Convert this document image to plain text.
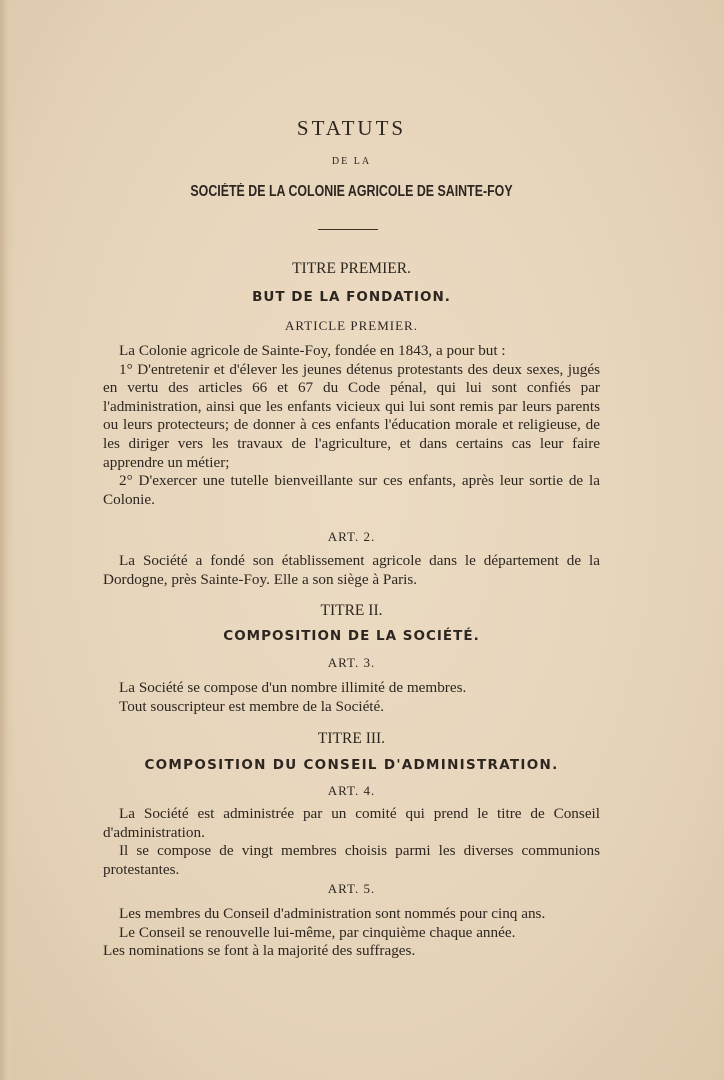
STATUTS
DE LA
SOCIÉTÉ DE LA COLONIE AGRICOLE DE SAINTE-FOY
TITRE PREMIER.
BUT DE LA FONDATION.
ARTICLE PREMIER.

La Colonie agricole de Sainte-Foy, fondée en 1843, a pour but :

1° D'entretenir et d'élever les jeunes détenus protestants des deux sexes, jugés en vertu des articles 66 et 67 du Code pénal, qui lui sont confiés par l'administration, ainsi que les enfants vicieux qui lui sont remis par leurs parents ou leurs protecteurs; de donner à ces enfants l'éducation morale et religieuse, de les diriger vers les travaux de l'agriculture, et dans certains cas leur faire apprendre un métier;

2° D'exercer une tutelle bienveillante sur ces enfants, après leur sortie de la Colonie.

ART. 2.

La Société a fondé son établissement agricole dans le département de la Dordogne, près Sainte-Foy. Elle a son siège à Paris.

TITRE II.
COMPOSITION DE LA SOCIÉTÉ.
ART. 3.

La Société se compose d'un nombre illimité de membres.

Tout souscripteur est membre de la Société.

TITRE III.
COMPOSITION DU CONSEIL D'ADMINISTRATION.
ART. 4.

La Société est administrée par un comité qui prend le titre de Conseil d'administration.

Il se compose de vingt membres choisis parmi les diverses communions protestantes.

ART. 5.

Les membres du Conseil d'administration sont nommés pour cinq ans.

Le Conseil se renouvelle lui-même, par cinquième chaque année.

Les nominations se font à la majorité des suffrages.
